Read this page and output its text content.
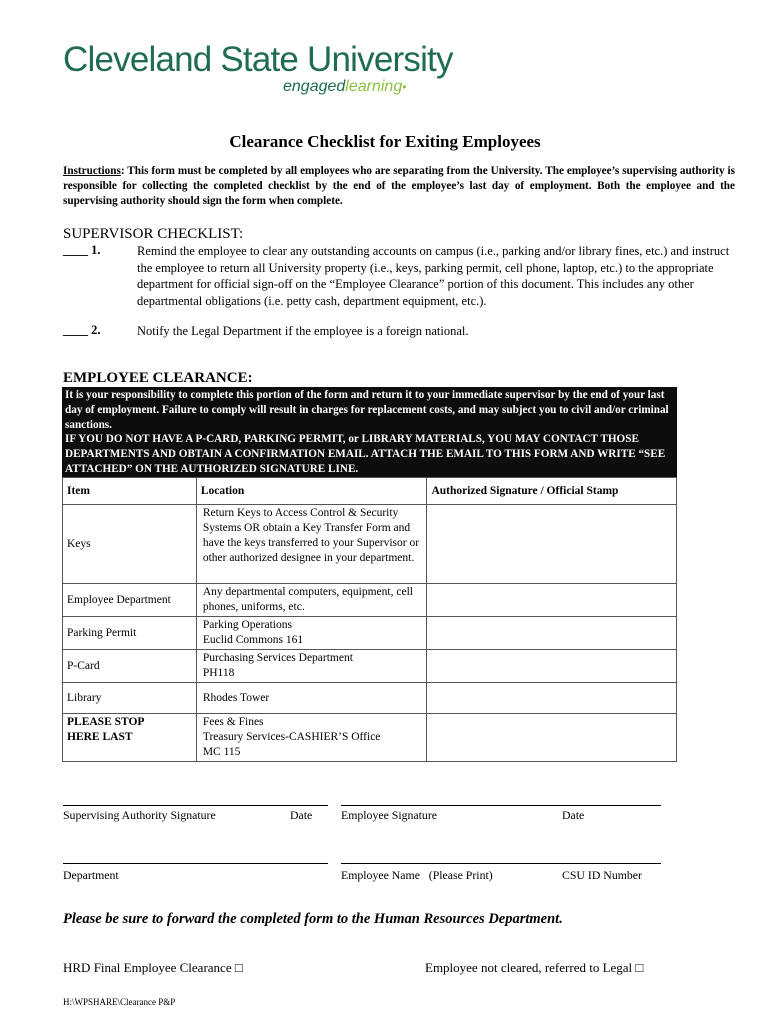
Cleveland State University
engagedlearning•
Clearance Checklist for Exiting Employees
Instructions: This form must be completed by all employees who are separating from the University. The employee’s supervising authority is responsible for collecting the completed checklist by the end of the employee’s last day of employment. Both the employee and the supervising authority should sign the form when complete.
SUPERVISOR CHECKLIST:
____ 1.	Remind the employee to clear any outstanding accounts on campus (i.e., parking and/or library fines, etc.) and instruct the employee to return all University property (i.e., keys, parking permit, cell phone, laptop, etc.) to the appropriate department for official sign-off on the “Employee Clearance” portion of this document. This includes any other departmental obligations (i.e. petty cash, department equipment, etc.).
____ 2.	Notify the Legal Department if the employee is a foreign national.
EMPLOYEE CLEARANCE:
It is your responsibility to complete this portion of the form and return it to your immediate supervisor by the end of your last day of employment. Failure to comply will result in charges for replacement costs, and may subject you to civil and/or criminal sanctions.
IF YOU DO NOT HAVE A P-CARD, PARKING PERMIT, or LIBRARY MATERIALS, YOU MAY CONTACT THOSE DEPARTMENTS AND OBTAIN A CONFIRMATION EMAIL. ATTACH THE EMAIL TO THIS FORM AND WRITE “SEE ATTACHED” ON THE AUTHORIZED SIGNATURE LINE.
Item	Location	Authorized Signature / Official Stamp
Keys	Return Keys to Access Control & Security Systems OR obtain a Key Transfer Form and have the keys transferred to your Supervisor or other authorized designee in your department.	
Employee Department	Any departmental computers, equipment, cell phones, uniforms, etc.	
Parking Permit	Parking Operations
Euclid Commons 161	
P-Card	Purchasing Services Department
PH118	
Library	Rhodes Tower	
PLEASE STOP
HERE LAST	Fees & Fines
Treasury Services-CASHIER’S Office
MC 115	
Supervising Authority Signature	Date Employee Signature	Date
Department	Employee Name   (Please Print)	CSU ID Number
Please be sure to forward the completed form to the Human Resources Department.
HRD Final Employee Clearance □	Employee not cleared, referred to Legal □
H:\WPSHARE\Clearance P&P
